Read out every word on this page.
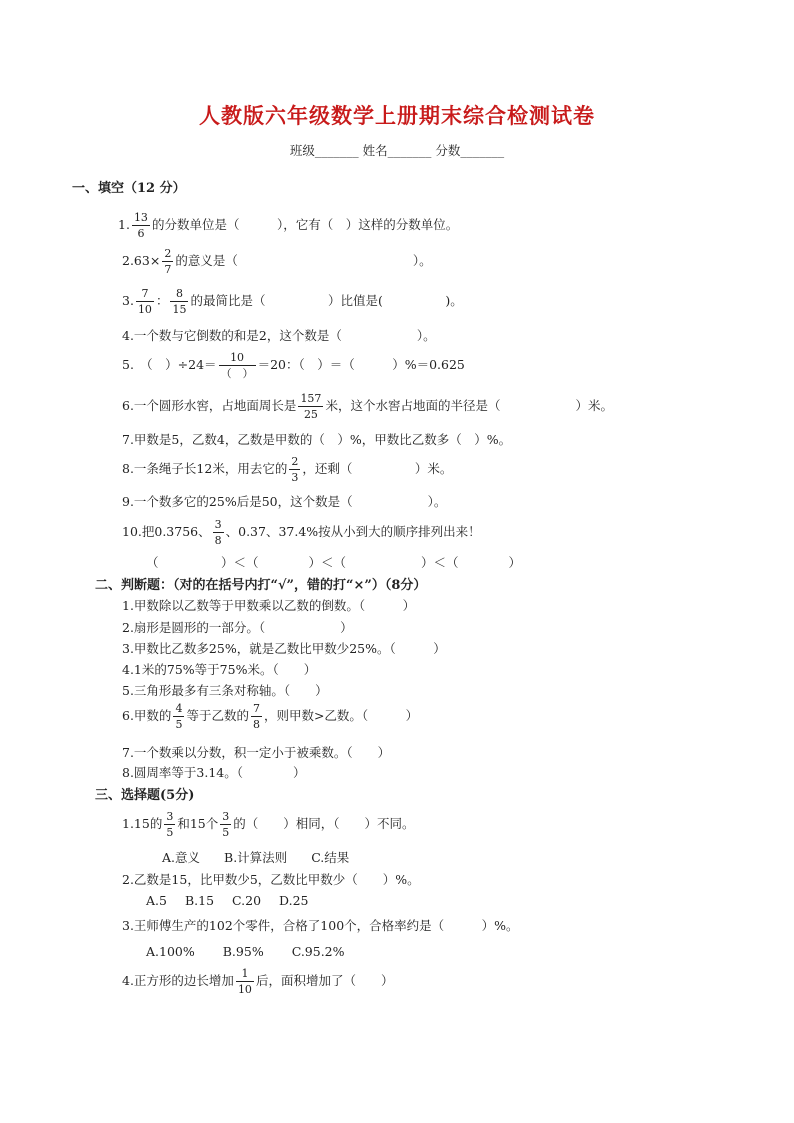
人教版六年级数学上册期末综合检测试卷
班级_______ 姓名_______ 分数_______
一、填空（12 分）
1. $\frac{13}{6}$ 的分数单位是（　　　），它有（　）这样的分数单位。
$2.63\times \frac{2}{7}$ 的意义是（　　　　　　　　　　　　　　）。
3. $\frac{7}{10}$ ： $\frac{8}{15}$ 的最简比是（　　　　　）比值是(　　　　　)。
4.一个数与它倒数的和是2，这个数是（　　　　　　）。
5.　（　）$\div 24= \frac{10}{( )} =20$：（　）＝（　　　）%＝0.625
6.一个圆形水窖，占地面周长是 $\frac{157}{25}$ 米，这个水窖占地面的半径是（　　　　　　）米。
7.甲数是5，乙数4，乙数是甲数的（　）%，甲数比乙数多（　）%。
8.一条绳子长12米，用去它的 $\frac{2}{3}$ ，还剩（　　　　　）米。
9.一个数多它的25%后是50，这个数是（　　　　　　）。
10.把0.3756、 $\frac{3}{8}$ 、0.37、37.4%按从小到大的顺序排列出来！
（　　　　　）＜（　　　　）＜（　　　　　　）＜（　　　　）
二、判断题：（对的在括号内打“√”，错的打“×”）（8分）
1.甲数除以乙数等于甲数乘以乙数的倒数。（　　　）
2.扇形是圆形的一部分。（　　　　　　）
3.甲数比乙数多25%，就是乙数比甲数少25%。（　　　）
4.1米的75%等于75%米。（　　）
5.三角形最多有三条对称轴。（　　）
6.甲数的 $\frac{4}{5}$ 等于乙数的 $\frac{7}{8}$ ，则甲数>乙数。（　　　）
7.一个数乘以分数，积一定小于被乘数。（　　）
8.圆周率等于3.14。（　　　　）
三、选择题(5分)
1.15的 $\frac{3}{5}$ 和15个 $\frac{3}{5}$ 的（　　）相同，（　　）不同。
A.意义 B.计算法则 C.结果
2.乙数是15，比甲数少5，乙数比甲数少（　　）%。
A.5 B.15 C.20 D.25
3.王师傅生产的102个零件，合格了100个，合格率约是（　　　）%。
A.100% B.95% C.95.2%
4.正方形的边长增加 $\frac{1}{10}$ 后，面积增加了（　　）
